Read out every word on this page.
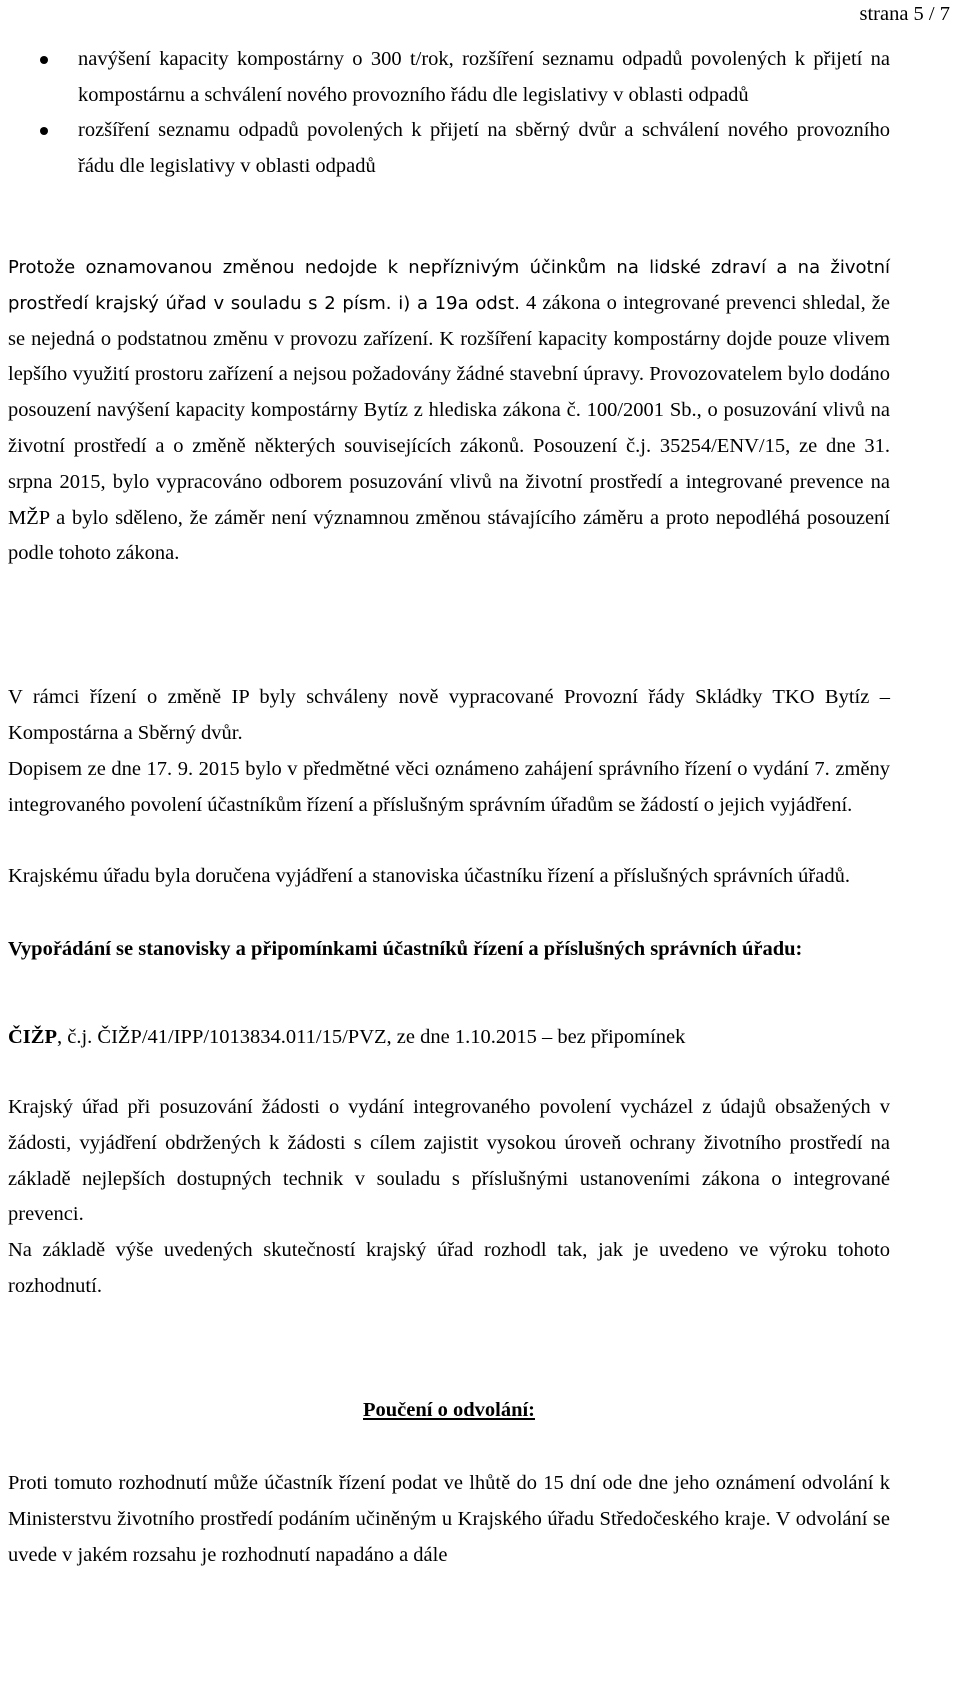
strana 5 / 7
navýšení kapacity kompostárny o 300 t/rok, rozšíření seznamu odpadů povolených k přijetí na kompostárnu a schválení nového provozního řádu dle legislativy v oblasti odpadů
rozšíření seznamu odpadů povolených k přijetí na sběrný dvůr a schválení nového provozního řádu dle legislativy v oblasti odpadů
Protože oznamovanou změnou nedojde k nepříznivým účinkům na lidské zdraví a na životní prostředí krajský úřad v souladu s 2 písm. i) a 19a odst. 4 zákona o integrované prevenci shledal, že se nejedná o podstatnou změnu v provozu zařízení. K rozšíření kapacity kompostárny dojde pouze vlivem lepšího využití prostoru zařízení a nejsou požadovány žádné stavební úpravy. Provozovatelem bylo dodáno posouzení navýšení kapacity kompostárny Bytíz z hlediska zákona č. 100/2001 Sb., o posuzování vlivů na životní prostředí a o změně některých souvisejících zákonů. Posouzení č.j. 35254/ENV/15, ze dne 31. srpna 2015, bylo vypracováno odborem posuzování vlivů na životní prostředí a integrované prevence na MŽP a bylo sděleno, že záměr není významnou změnou stávajícího záměru a proto nepodléhá posouzení podle tohoto zákona.
V rámci řízení o změně IP byly schváleny nově vypracované Provozní řády Skládky TKO Bytíz – Kompostárna a Sběrný dvůr.
Dopisem ze dne 17. 9. 2015 bylo v předmětné věci oznámeno zahájení správního řízení o vydání 7. změny integrovaného povolení účastníkům řízení a příslušným správním úřadům se žádostí o jejich vyjádření.
Krajskému úřadu byla doručena vyjádření a stanoviska účastníku řízení a příslušných správních úřadů.
Vypořádání se stanovisky a připomínkami účastníků řízení a příslušných správních úřadu:
ČIŽP, č.j. ČIŽP/41/IPP/1013834.011/15/PVZ, ze dne 1.10.2015 – bez připomínek
Krajský úřad při posuzování žádosti o vydání integrovaného povolení vycházel z údajů obsažených v žádosti, vyjádření obdržených k žádosti s cílem zajistit vysokou úroveň ochrany životního prostředí na základě nejlepších dostupných technik v souladu s příslušnými ustanoveními zákona o integrované prevenci.
Na základě výše uvedených skutečností krajský úřad rozhodl tak, jak je uvedeno ve výroku tohoto rozhodnutí.
Poučení o odvolání:
Proti tomuto rozhodnutí může účastník řízení podat ve lhůtě do 15 dní ode dne jeho oznámení odvolání k Ministerstvu životního prostředí podáním učiněným u Krajského úřadu Středočeského kraje. V odvolání se uvede v jakém rozsahu je rozhodnutí napadáno a dále
